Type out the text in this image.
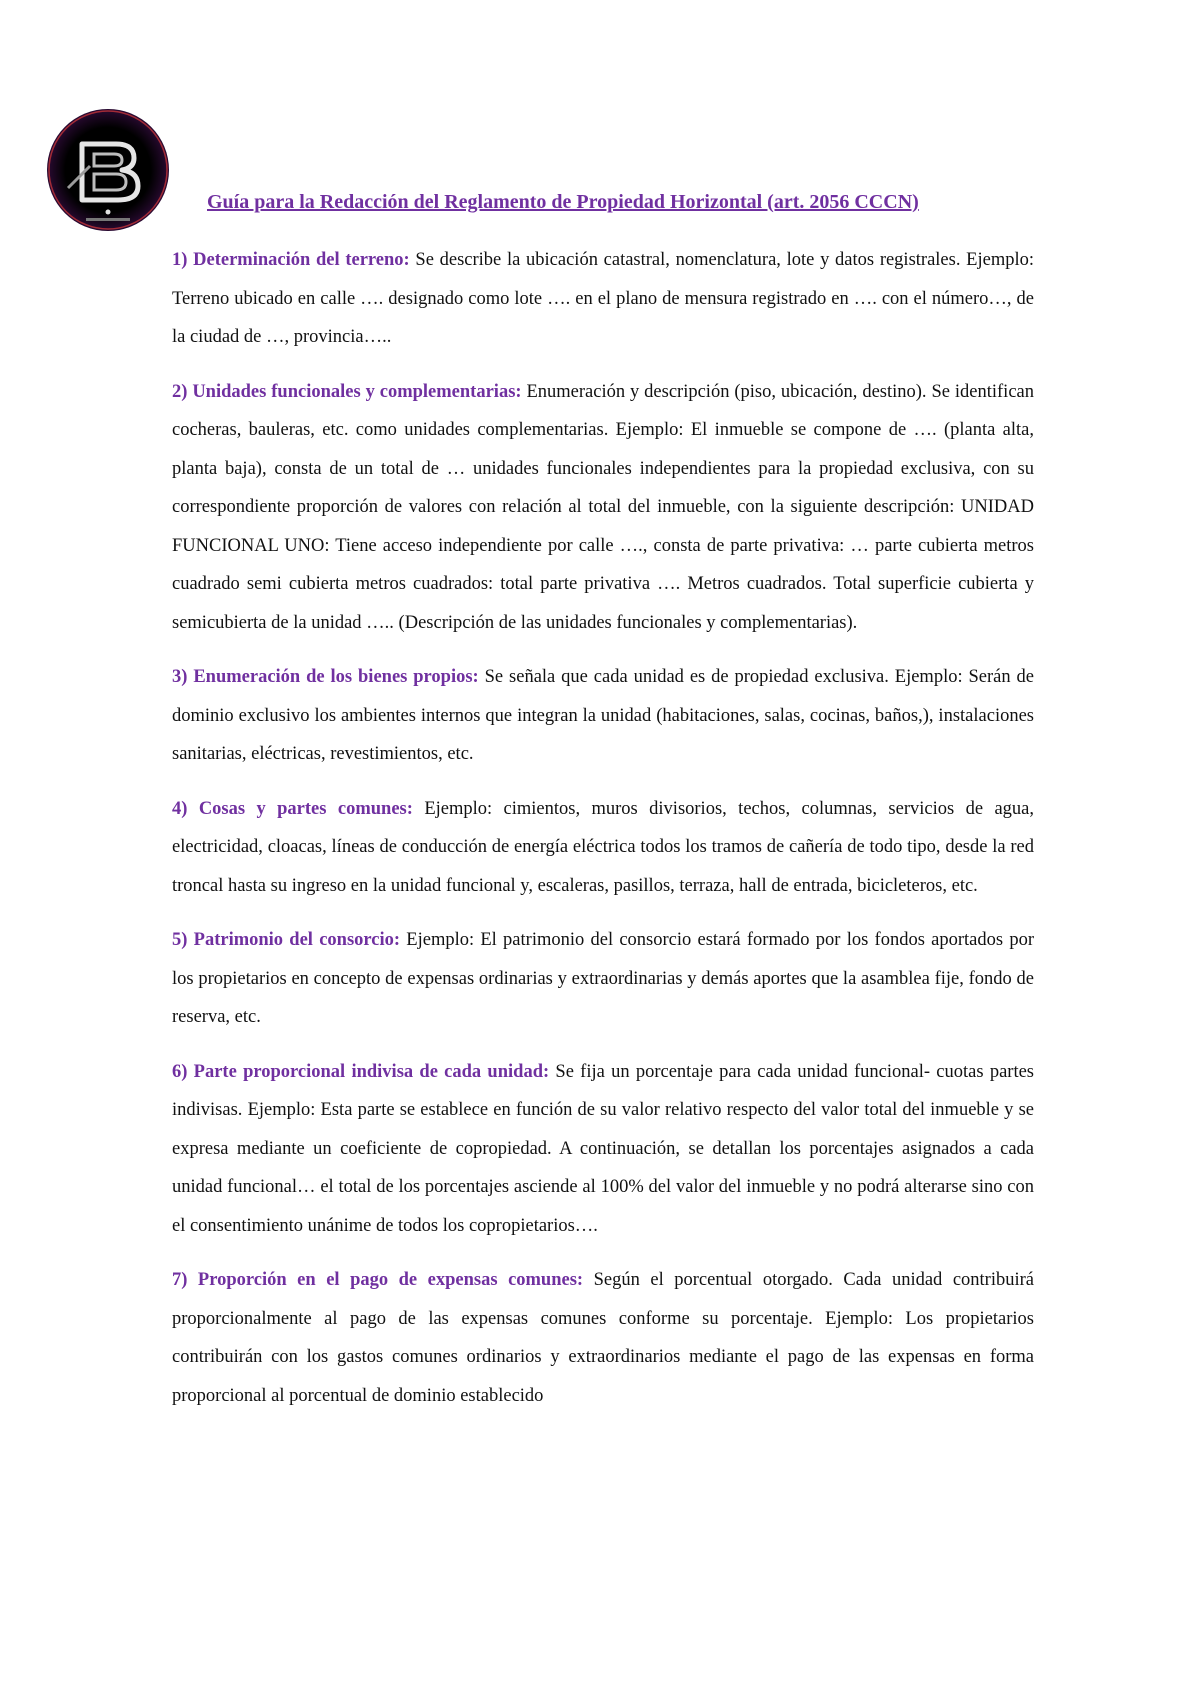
Guía para la Redacción del Reglamento de Propiedad Horizontal (art. 2056 CCCN)

1) Determinación del terreno: Se describe la ubicación catastral, nomenclatura, lote y datos registrales. Ejemplo: Terreno ubicado en calle …. designado como lote …. en el plano de mensura registrado en …. con el número…, de la ciudad de …, provincia…..

2) Unidades funcionales y complementarias: Enumeración y descripción (piso, ubicación, destino). Se identifican cocheras, bauleras, etc. como unidades complementarias. Ejemplo: El inmueble se compone de …. (planta alta, planta baja), consta de un total de … unidades funcionales independientes para la propiedad exclusiva, con su correspondiente proporción de valores con relación al total del inmueble, con la siguiente descripción: UNIDAD FUNCIONAL UNO: Tiene acceso independiente por calle …., consta de parte privativa: … parte cubierta metros cuadrado semi cubierta metros cuadrados: total parte privativa …. Metros cuadrados. Total superficie cubierta y semicubierta de la unidad ….. (Descripción de las unidades funcionales y complementarias).

3) Enumeración de los bienes propios: Se señala que cada unidad es de propiedad exclusiva. Ejemplo: Serán de dominio exclusivo los ambientes internos que integran la unidad (habitaciones, salas, cocinas, baños,), instalaciones sanitarias, eléctricas, revestimientos, etc.

4) Cosas y partes comunes: Ejemplo: cimientos, muros divisorios, techos, columnas, servicios de agua, electricidad, cloacas, líneas de conducción de energía eléctrica todos los tramos de cañería de todo tipo, desde la red troncal hasta su ingreso en la unidad funcional y, escaleras, pasillos, terraza, hall de entrada, bicicleteros, etc.

5) Patrimonio del consorcio: Ejemplo: El patrimonio del consorcio estará formado por los fondos aportados por los propietarios en concepto de expensas ordinarias y extraordinarias y demás aportes que la asamblea fije, fondo de reserva, etc.

6) Parte proporcional indivisa de cada unidad: Se fija un porcentaje para cada unidad funcional- cuotas partes indivisas. Ejemplo: Esta parte se establece en función de su valor relativo respecto del valor total del inmueble y se expresa mediante un coeficiente de copropiedad. A continuación, se detallan los porcentajes asignados a cada unidad funcional… el total de los porcentajes asciende al 100% del valor del inmueble y no podrá alterarse sino con el consentimiento unánime de todos los copropietarios….

7) Proporción en el pago de expensas comunes: Según el porcentual otorgado. Cada unidad contribuirá proporcionalmente al pago de las expensas comunes conforme su porcentaje. Ejemplo: Los propietarios contribuirán con los gastos comunes ordinarios y extraordinarios mediante el pago de las expensas en forma proporcional al porcentual de dominio establecido
